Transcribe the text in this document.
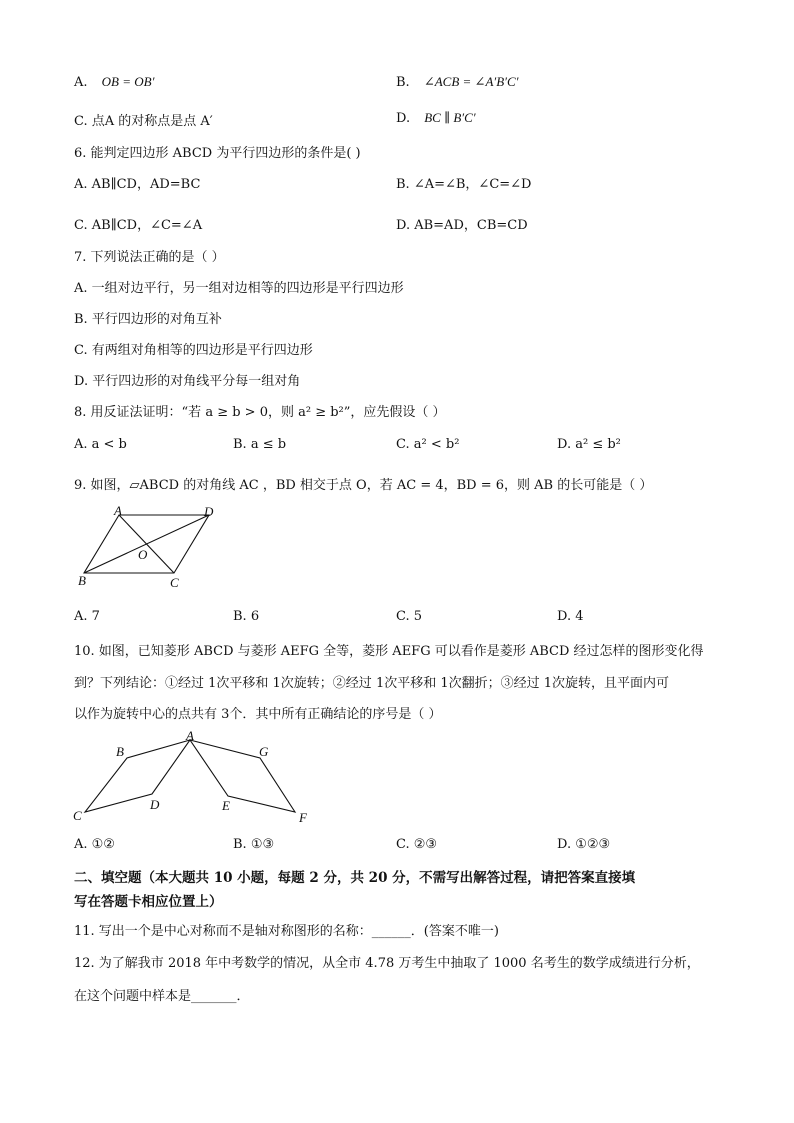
A. OB = OB′	B. ∠ACB = ∠A′B′C′
C. 点A 的对称点是点 A′	D. BC ∥ B′C′
6. 能判定四边形 ABCD 为平行四边形的条件是( )
A. AB∥CD，AD=BC	B. ∠A=∠B，∠C=∠D
C. AB∥CD，∠C=∠A	D. AB=AD，CB=CD
7. 下列说法正确的是（ ）
A. 一组对边平行，另一组对边相等的四边形是平行四边形
B. 平行四边形的对角互补
C. 有两组对角相等的四边形是平行四边形
D. 平行四边形的对角线平分每一组对角
8. 用反证法证明：“若 a ≥ b > 0，则 a² ≥ b²”，应先假设（ ）
A. a < b	B. a ≤ b	C. a² < b²	D. a² ≤ b²
9. 如图，▱ABCD 的对角线 AC ，BD 相交于点 O，若 AC = 4，BD = 6，则 AB 的长可能是（ ）
A	D
O
B	C
A. 7	B. 6	C. 5	D. 4
10. 如图，已知菱形 ABCD 与菱形 AEFG 全等，菱形 AEFG 可以看作是菱形 ABCD 经过怎样的图形变化得
到？下列结论：①经过 1次平移和 1次旋转；②经过 1次平移和 1次翻折；③经过 1次旋转，且平面内可
以作为旋转中心的点共有 3个．其中所有正确结论的序号是（ ）
A
B	G
C
D	E
F
A. ①②	B. ①③	C. ②③	D. ①②③
二、填空题（本大题共 10 小题，每题 2 分，共 20 分，不需写出解答过程，请把答案直接填
写在答题卡相应位置上）
11. 写出一个是中心对称而不是轴对称图形的名称：______．(答案不唯一)
12. 为了解我市 2018 年中考数学的情况，从全市 4.78 万考生中抽取了 1000 名考生的数学成绩进行分析，
在这个问题中样本是_______．
